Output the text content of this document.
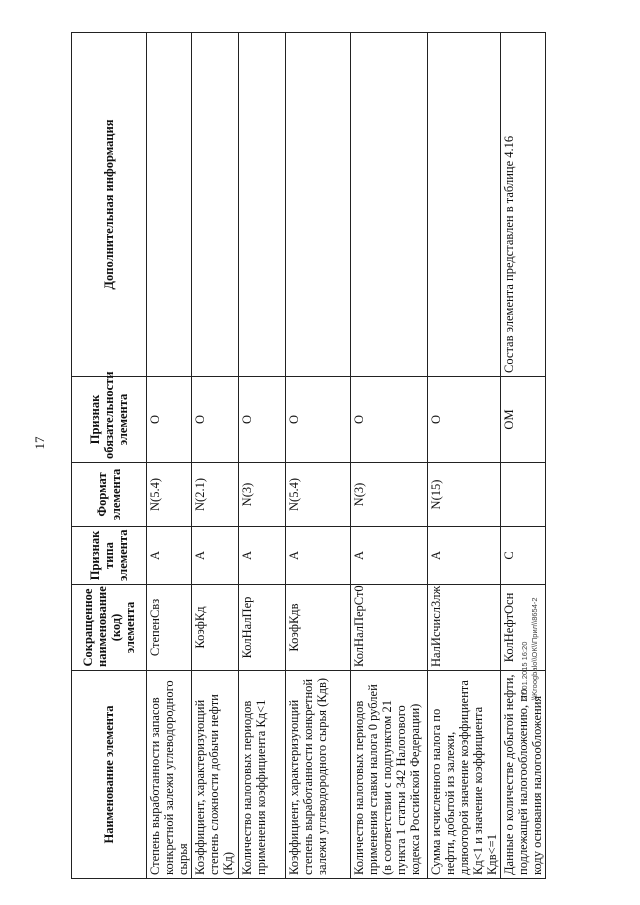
17
Наименование элемента	Сокращенное наименование (код) элемента	Признак типа элемента	Формат элемента	Признак обязательности элемента	Дополнительная информация
Степень выработанности запасов конкретной залежи углеводородного сырья	СтепенСвз	А	N(5.4)	О	
Коэффициент, характеризующий степень сложности добычи нефти (Кд)	КоэфКд	А	N(2.1)	О	
Количество налоговых периодов применения коэффициента Кд<1	КолНалПер	А	N(3)	О	
Коэффициент, характеризующий степень выработанности конкретной залежи углеводородного сырья (Кдв)	КоэфКдв	А	N(5.4)	О	
Количество налоговых периодов применения ставки налога 0 рублей (в соответствии с подпунктом 21 пункта 1 статьи 342 Налогового кодекса Российской Федерации)	КолНалПерСт0	А	N(3)	О	
Сумма исчисленного налога по нефти, добытой из залежи, дляюоторой значение коэффициента Кд<1 и значение коэффициента Кдв<=1	НалИсчисл3лж	А	N(15)	О	
Данные о количестве добытой нефти, подлежащей налогообложению, по коду основания налогообложения	КолНефтОсн	С		ОМ	Состав элемента представлен в таблице 4.16
27.01.2015 16:20 \\Kroogbalo\\ОК\\Прил\\8654-2
